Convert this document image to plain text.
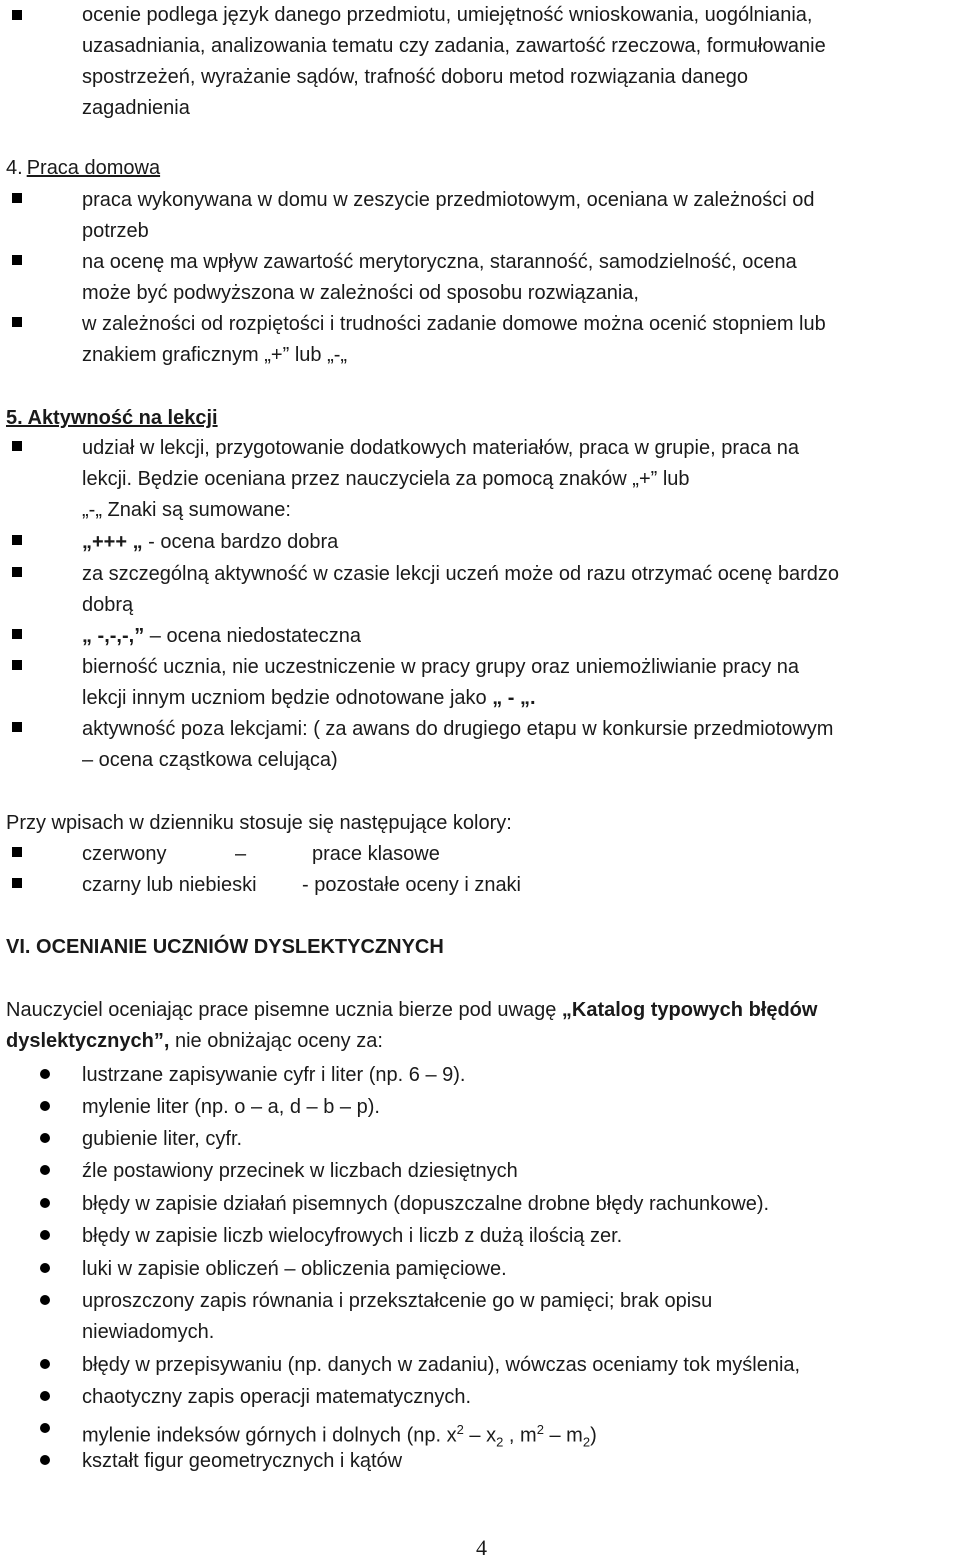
ocenie podlega język danego przedmiotu, umiejętność wnioskowania, uogólniania,
uzasadniania, analizowania tematu czy zadania, zawartość rzeczowa, formułowanie
spostrzeżeń, wyrażanie sądów, trafność doboru metod rozwiązania danego
zagadnienia
4. Praca domowa
praca wykonywana w domu w zeszycie przedmiotowym, oceniana w zależności od
potrzeb
na ocenę ma wpływ zawartość merytoryczna, staranność, samodzielność, ocena
może być podwyższona w zależności od sposobu rozwiązania,
w zależności od rozpiętości i trudności zadanie domowe można ocenić stopniem lub
znakiem graficznym „+” lub „-„
5. Aktywność na lekcji
udział w lekcji, przygotowanie dodatkowych materiałów, praca w grupie, praca na
lekcji. Będzie oceniana przez nauczyciela za pomocą znaków „+” lub
„-„ Znaki są sumowane:
„+++ „ - ocena bardzo dobra
za szczególną aktywność w czasie lekcji uczeń może od razu otrzymać ocenę bardzo
dobrą
„ -,-,-,” – ocena niedostateczna
bierność ucznia, nie uczestniczenie w pracy grupy oraz uniemożliwianie pracy na
lekcji innym uczniom będzie odnotowane jako „ - „.
aktywność poza lekcjami: ( za awans do drugiego etapu w konkursie przedmiotowym
– ocena cząstkowa celująca)
Przy wpisach w dzienniku stosuje się następujące kolory:
czerwony	–	prace klasowe
czarny lub niebieski - pozostałe oceny i znaki
VI. OCENIANIE UCZNIÓW DYSLEKTYCZNYCH
Nauczyciel oceniając prace pisemne ucznia bierze pod uwagę „Katalog typowych błędów
dyslektycznych”, nie obniżając oceny za:
lustrzane zapisywanie cyfr i liter (np. 6 – 9).
mylenie liter (np. o – a, d – b – p).
gubienie liter, cyfr.
źle postawiony przecinek w liczbach dziesiętnych
błędy w zapisie działań pisemnych (dopuszczalne drobne błędy rachunkowe).
błędy w zapisie liczb wielocyfrowych i liczb z dużą ilością zer.
luki w zapisie obliczeń – obliczenia pamięciowe.
uproszczony zapis równania i przekształcenie go w pamięci; brak opisu
niewiadomych.
błędy w przepisywaniu (np. danych w zadaniu), wówczas oceniamy tok myślenia,
chaotyczny zapis operacji matematycznych.
mylenie indeksów górnych i dolnych (np. $x^2 - x_2$ , $m^2 - m_2$)
kształt figur geometrycznych i kątów
4
